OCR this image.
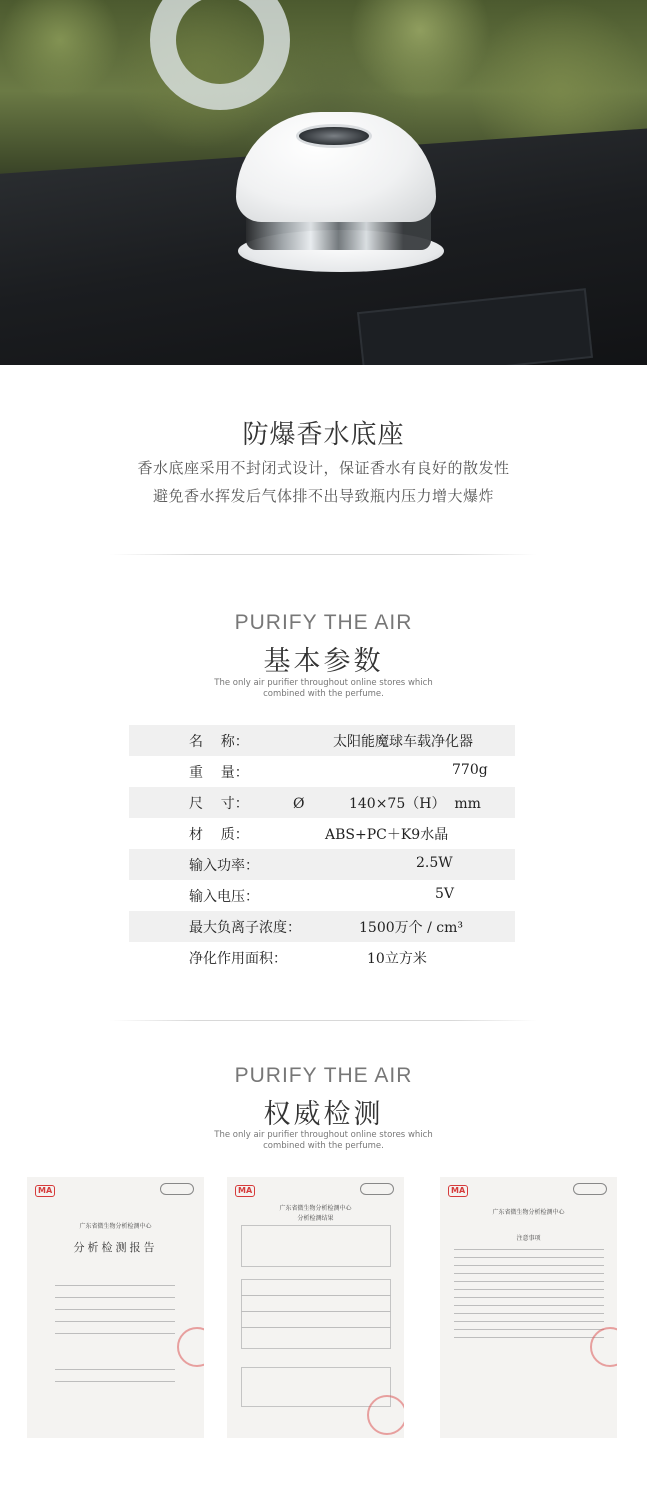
防爆香水底座
香水底座采用不封闭式设计，保证香水有良好的散发性
避免香水挥发后气体排不出导致瓶内压力增大爆炸
PURIFY THE AIR
基本参数
The only air purifier throughout online stores which
combined with the perfume.
名    称：	太阳能魔球车载净化器
重    量：	770g
尺    寸：	Ø          140×75（H）  mm
材    质：	ABS+PC＋K9水晶
输入功率：	2.5W
输入电压：	5V
最大负离子浓度：	1500万个 / cm³
净化作用面积：	10立方米
PURIFY THE AIR
权威检测
The only air purifier throughout online stores which
combined with the perfume.
MA
广东省微生物分析检测中心
分析检测报告
MA
广东省微生物分析检测中心
分析检测结果
MA
广东省微生物分析检测中心
注意事项
